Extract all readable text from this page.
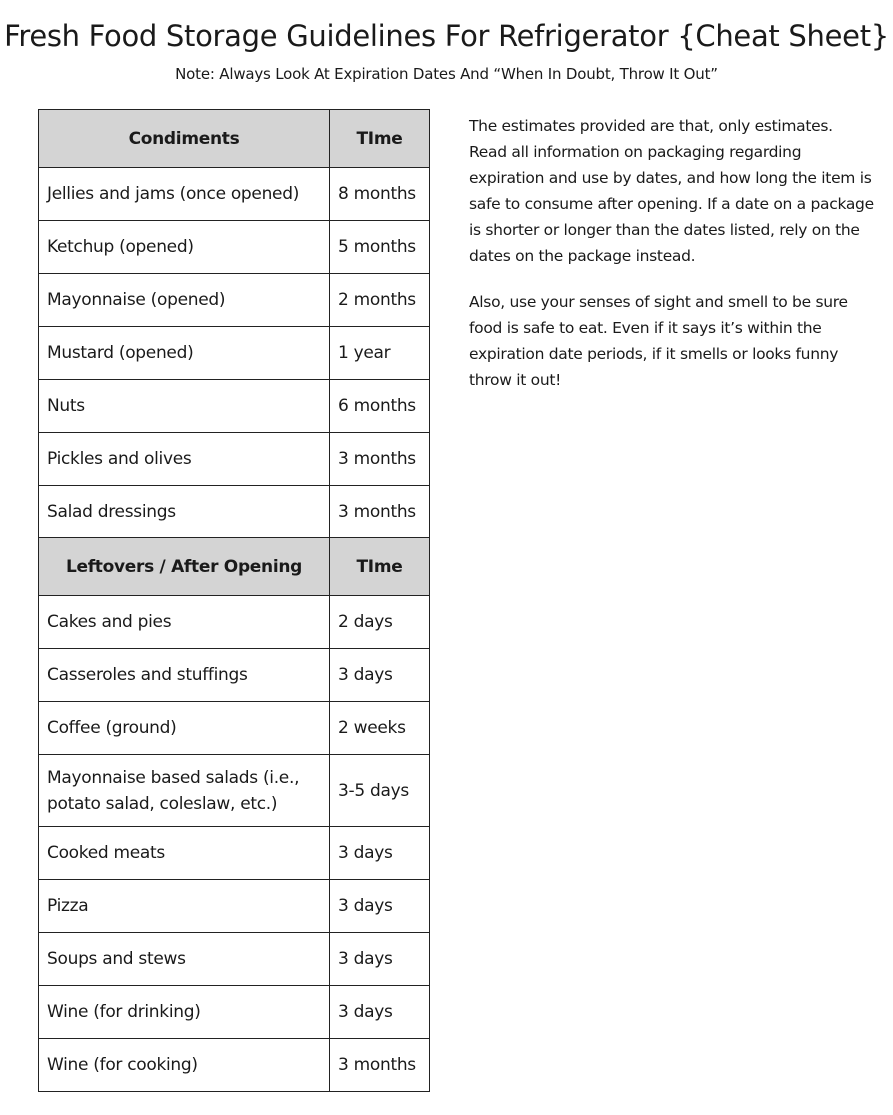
Fresh Food Storage Guidelines For Refrigerator {Cheat Sheet}
Note: Always Look At Expiration Dates And “When In Doubt, Throw It Out”
Condiments	TIme
Jellies and jams (once opened)	8 months
Ketchup (opened)	5 months
Mayonnaise (opened)	2 months
Mustard (opened)	1 year
Nuts	6 months
Pickles and olives	3 months
Salad dressings	3 months
Leftovers / After Opening	TIme
Cakes and pies	2 days
Casseroles and stuffings	3 days
Coffee (ground)	2 weeks
Mayonnaise based salads (i.e., potato salad, coleslaw, etc.)	3-5 days
Cooked meats	3 days
Pizza	3 days
Soups and stews	3 days
Wine (for drinking)	3 days
Wine (for cooking)	3 months

The estimates provided are that, only estimates. Read all information on packaging regarding expiration and use by dates, and how long the item is safe to consume after opening. If a date on a package is shorter or longer than the dates listed, rely on the dates on the package instead.

Also, use your senses of sight and smell to be sure food is safe to eat. Even if it says it’s within the expiration date periods, if it smells or looks funny throw it out!
